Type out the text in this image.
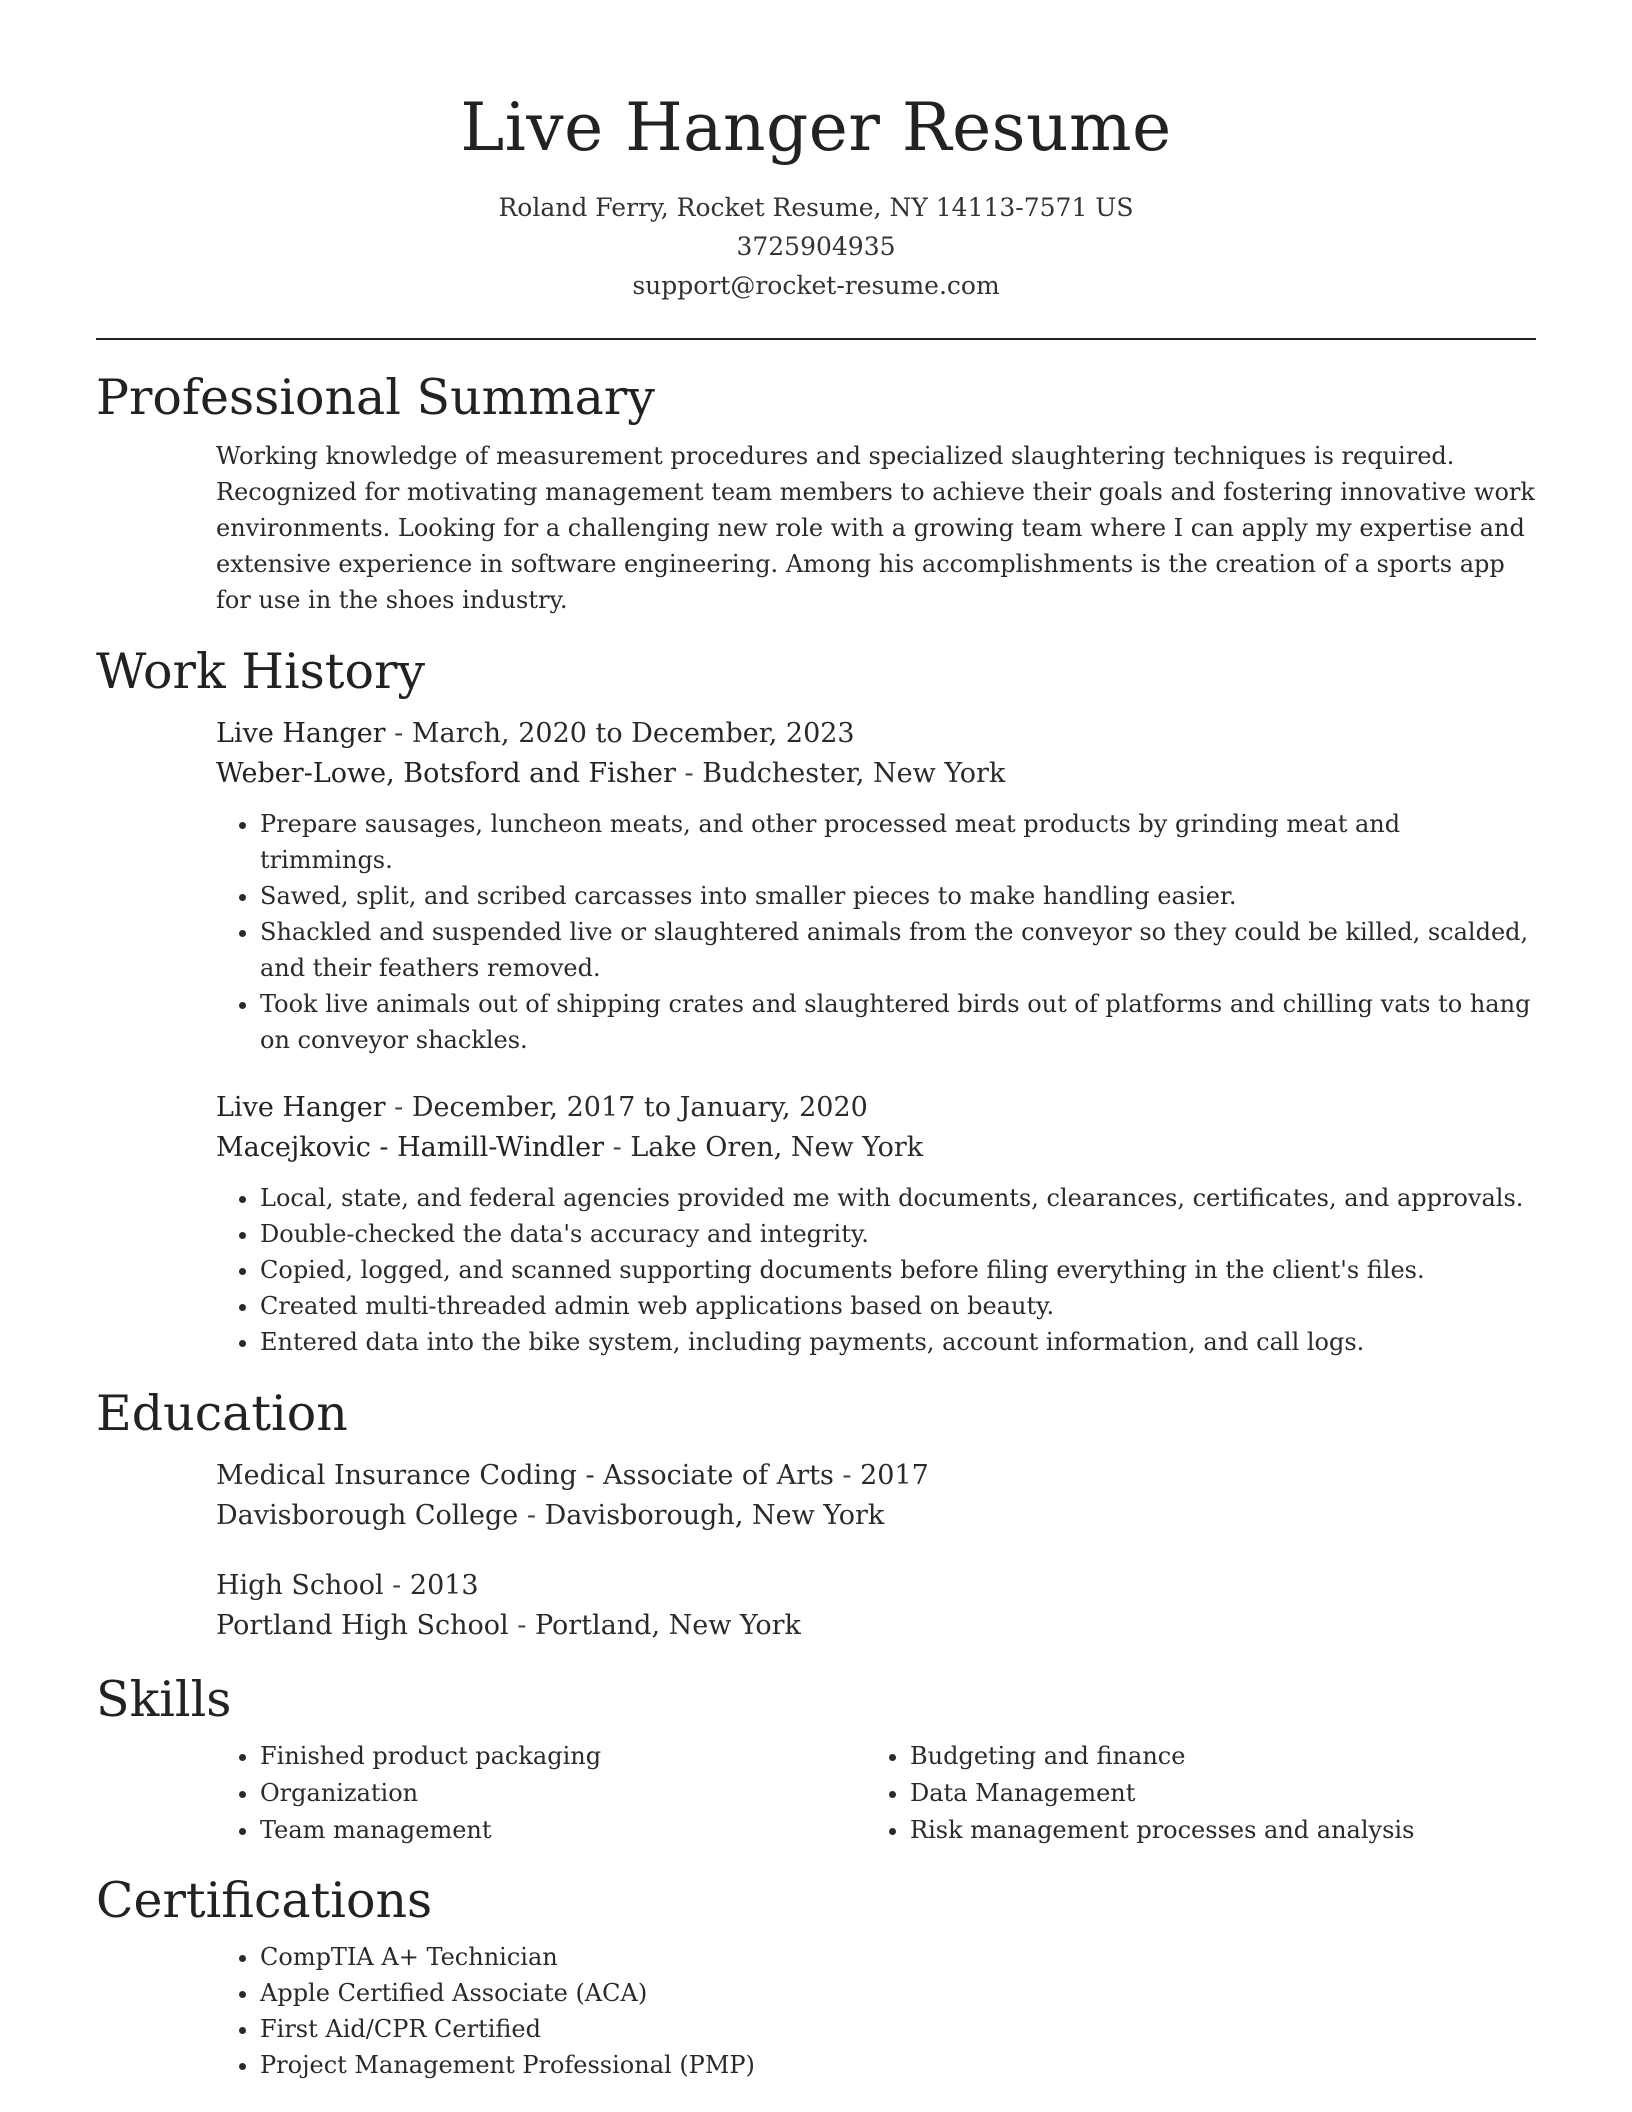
Live Hanger Resume
Roland Ferry, Rocket Resume, NY 14113-7571 US
3725904935
support@rocket-resume.com
Professional Summary

Working knowledge of measurement procedures and specialized slaughtering techniques is required. Recognized for motivating management team members to achieve their goals and fostering innovative work environments. Looking for a challenging new role with a growing team where I can apply my expertise and extensive experience in software engineering. Among his accomplishments is the creation of a sports app for use in the shoes industry.

Work History
Live Hanger - March, 2020 to December, 2023
Weber-Lowe, Botsford and Fisher - Budchester, New York
• Prepare sausages, luncheon meats, and other processed meat products by grinding meat and trimmings.
• Sawed, split, and scribed carcasses into smaller pieces to make handling easier.
• Shackled and suspended live or slaughtered animals from the conveyor so they could be killed, scalded, and their feathers removed.
• Took live animals out of shipping crates and slaughtered birds out of platforms and chilling vats to hang on conveyor shackles.
Live Hanger - December, 2017 to January, 2020
Macejkovic - Hamill-Windler - Lake Oren, New York
• Local, state, and federal agencies provided me with documents, clearances, certificates, and approvals.
• Double-checked the data's accuracy and integrity.
• Copied, logged, and scanned supporting documents before filing everything in the client's files.
• Created multi-threaded admin web applications based on beauty.
• Entered data into the bike system, including payments, account information, and call logs.
Education
Medical Insurance Coding - Associate of Arts - 2017
Davisborough College - Davisborough, New York
High School - 2013
Portland High School - Portland, New York
Skills
• Finished product packaging
• Organization
• Team management
• Budgeting and finance
• Data Management
• Risk management processes and analysis
Certifications
• CompTIA A+ Technician
• Apple Certified Associate (ACA)
• First Aid/CPR Certified
• Project Management Professional (PMP)
